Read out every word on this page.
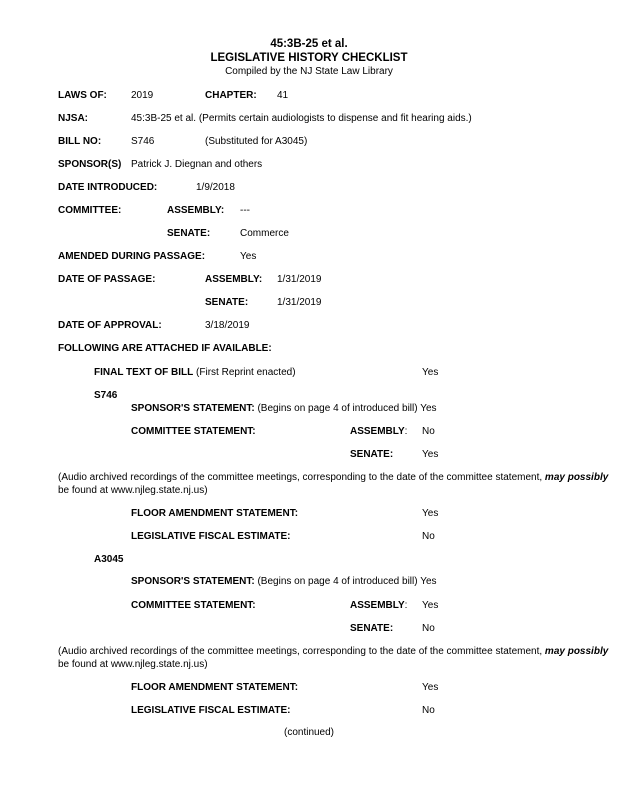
45:3B-25 et al.
LEGISLATIVE HISTORY CHECKLIST
Compiled by the NJ State Law Library
LAWS OF: 2019	CHAPTER: 41
NJSA:	45:3B-25 et al. (Permits certain audiologists to dispense and fit hearing aids.)
BILL NO:	S746	(Substituted for A3045)
SPONSOR(S) Patrick J. Diegnan and others
DATE INTRODUCED:	1/9/2018
COMMITTEE:	ASSEMBLY: ---
SENATE:	Commerce
AMENDED DURING PASSAGE:	Yes
DATE OF PASSAGE:	ASSEMBLY: 1/31/2019
SENATE:	1/31/2019
DATE OF APPROVAL:	3/18/2019
FOLLOWING ARE ATTACHED IF AVAILABLE:
FINAL TEXT OF BILL (First Reprint enacted)	Yes
S746
SPONSOR'S STATEMENT: (Begins on page 4 of introduced bill) Yes
COMMITTEE STATEMENT:	ASSEMBLY: No
SENATE:	Yes
(Audio archived recordings of the committee meetings, corresponding to the date of the committee statement, may possibly
be found at www.njleg.state.nj.us)
FLOOR AMENDMENT STATEMENT:	Yes
LEGISLATIVE FISCAL ESTIMATE:	No
A3045
SPONSOR'S STATEMENT: (Begins on page 4 of introduced bill) Yes
COMMITTEE STATEMENT:	ASSEMBLY: Yes
SENATE:	No
(Audio archived recordings of the committee meetings, corresponding to the date of the committee statement, may possibly
be found at www.njleg.state.nj.us)
FLOOR AMENDMENT STATEMENT:	Yes
LEGISLATIVE FISCAL ESTIMATE:	No
(continued)
